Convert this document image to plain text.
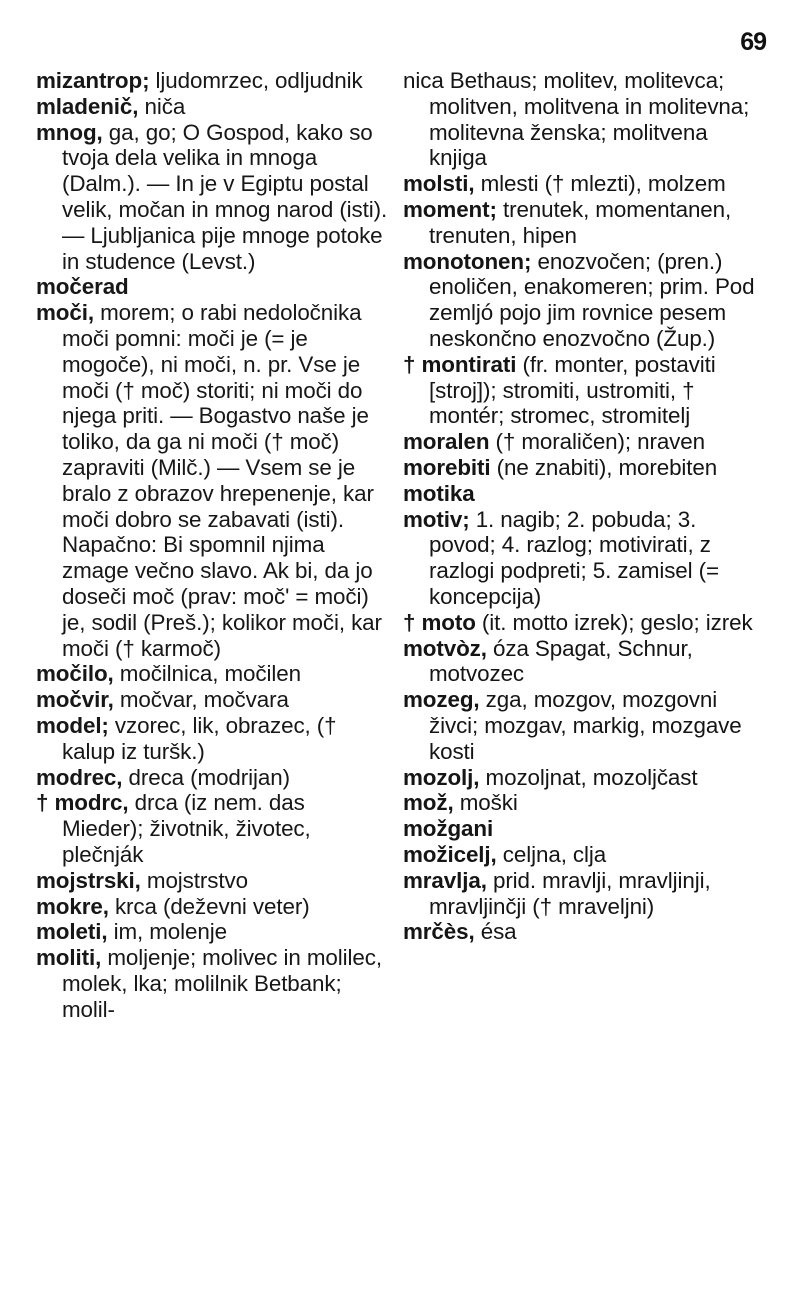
69

mizantrop; ljudomrzec, odljudnik

mladenič, niča

mnog, ga, go; O Gospod, kako so tvoja dela velika in mnoga (Dalm.). — In je v Egiptu postal velik, močan in mnog narod (isti). — Ljubljanica pije mnoge potoke in studence (Levst.)

močerad

moči, morem; o rabi nedoločnika moči pomni: moči je (= je mogoče), ni moči, n. pr. Vse je moči († moč) storiti; ni moči do njega priti. — Bogastvo naše je toliko, da ga ni moči († moč) zapraviti (Milč.) — Vsem se je bralo z obrazov hrepenenje, kar moči dobro se zabavati (isti). Napačno: Bi spomnil njima zmage večno slavo. Ak bi, da jo doseči moč (prav: moč' = moči) je, sodil (Preš.); kolikor moči, kar moči († karmoč)

močilo, močilnica, močilen

močvir, močvar, močvara

model; vzorec, lik, obrazec, († kalup iz turšk.)

modrec, dreca (modrijan)

† modrc, drca (iz nem. das Mieder); životnik, životec, plečnják

mojstrski, mojstrstvo

mokre, krca (deževni veter)

moleti, im, molenje

moliti, moljenje; molivec in molilec, molek, lka; molilnik Betbank; molil-

nica Bethaus; molitev, molitevca; molitven, molitvena in molitevna; molitevna ženska; molitvena knjiga

molsti, mlesti († mlezti), molzem

moment; trenutek, momentanen, trenuten, hipen

monotonen; enozvočen; (pren.) enoličen, enakomeren; prim. Pod zemljó pojo jim rovnice pesem neskončno enozvočno (Žup.)

† montirati (fr. monter, postaviti [stroj]); stromiti, ustromiti, † montér; stromec, stromitelj

moralen († moraličen); nraven

morebiti (ne znabiti), morebiten

motika

motiv; 1. nagib; 2. pobuda; 3. povod; 4. razlog; motivirati, z razlogi podpreti; 5. zamisel (= koncepcija)

† moto (it. motto izrek); geslo; izrek

motvòz, óza Spagat, Schnur, motvozec

mozeg, zga, mozgov, mozgovni živci; mozgav, markig, mozgave kosti

mozolj, mozoljnat, mozoljčast

mož, moški

možgani

možicelj, celjna, clja

mravlja, prid. mravlji, mravljinji, mravljinčji († mraveljni)

mrčès, ésa
